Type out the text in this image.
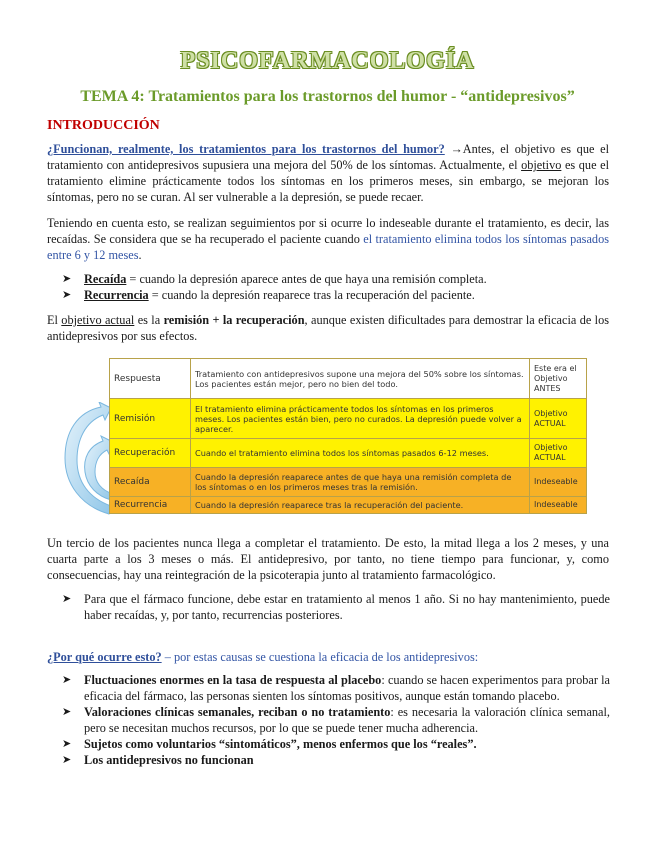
PSICOFARMACOLOGÍA
TEMA 4: Tratamientos para los trastornos del humor - “antidepresivos”
INTRODUCCIÓN
¿Funcionan, realmente, los tratamientos para los trastornos del humor? →Antes, el objetivo es que el tratamiento con antidepresivos supusiera una mejora del 50% de los síntomas. Actualmente, el objetivo es que el tratamiento elimine prácticamente todos los síntomas en los primeros meses, sin embargo, se mejoran los síntomas, pero no se curan. Al ser vulnerable a la depresión, se puede recaer.
Teniendo en cuenta esto, se realizan seguimientos por si ocurre lo indeseable durante el tratamiento, es decir, las recaídas. Se considera que se ha recuperado el paciente cuando el tratamiento elimina todos los síntomas pasados entre 6 y 12 meses.
➤ Recaída = cuando la depresión aparece antes de que haya una remisión completa.
➤ Recurrencia = cuando la depresión reaparece tras la recuperación del paciente.
El objetivo actual es la remisión + la recuperación, aunque existen dificultades para demostrar la eficacia de los antidepresivos por sus efectos.
Respuesta	Tratamiento con antidepresivos supone una mejora del 50% sobre los síntomas. Los pacientes están mejor, pero no bien del todo.	Este era el Objetivo ANTES
Remisión	El tratamiento elimina prácticamente todos los síntomas en los primeros meses. Los pacientes están bien, pero no curados. La depresión puede volver a aparecer.	Objetivo ACTUAL
Recuperación	Cuando el tratamiento elimina todos los síntomas pasados 6-12 meses.	Objetivo ACTUAL
Recaída	Cuando la depresión reaparece antes de que haya una remisión completa de los síntomas o en los primeros meses tras la remisión.	Indeseable
Recurrencia	Cuando la depresión reaparece tras la recuperación del paciente.	Indeseable
Un tercio de los pacientes nunca llega a completar el tratamiento. De esto, la mitad llega a los 2 meses, y una cuarta parte a los 3 meses o más. El antidepresivo, por tanto, no tiene tiempo para funcionar, y, como consecuencias, hay una reintegración de la psicoterapia junto al tratamiento farmacológico.
➤ Para que el fármaco funcione, debe estar en tratamiento al menos 1 año. Si no hay mantenimiento, puede haber recaídas, y, por tanto, recurrencias posteriores.
¿Por qué ocurre esto? – por estas causas se cuestiona la eficacia de los antidepresivos:
➤ Fluctuaciones enormes en la tasa de respuesta al placebo: cuando se hacen experimentos para probar la eficacia del fármaco, las personas sienten los síntomas positivos, aunque están tomando placebo.
➤ Valoraciones clínicas semanales, reciban o no tratamiento: es necesaria la valoración clínica semanal, pero se necesitan muchos recursos, por lo que se puede tener mucha adherencia.
➤ Sujetos como voluntarios “sintomáticos”, menos enfermos que los “reales”.
➤ Los antidepresivos no funcionan
